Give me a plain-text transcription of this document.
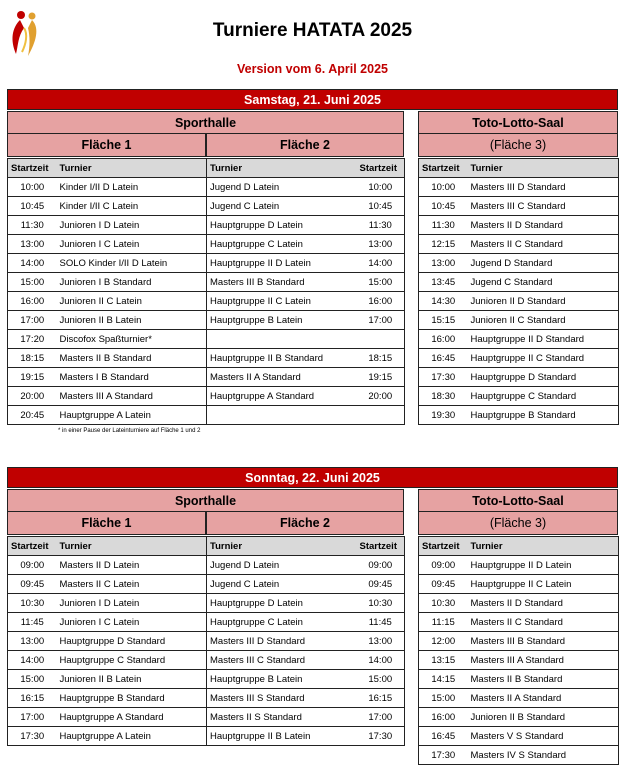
Turniere HATATA 2025
Version vom 6. April 2025
Samstag, 21. Juni 2025
Sporthalle	Toto-Lotto-Saal
Fläche 1	Fläche 2	(Fläche 3)
Startzeit	Turnier	Turnier	Startzeit
10:00	Kinder I/II D Latein	Jugend D Latein	10:00
10:45	Kinder I/II C Latein	Jugend C Latein	10:45
11:30	Junioren I D Latein	Hauptgruppe D Latein	11:30
13:00	Junioren I C Latein	Hauptgruppe C Latein	13:00
14:00	SOLO Kinder I/II D Latein	Hauptgruppe II D Latein	14:00
15:00	Junioren I B Standard	Masters III B Standard	15:00
16:00	Junioren II C Latein	Hauptgruppe II C Latein	16:00
17:00	Junioren II B Latein	Hauptgruppe B Latein	17:00
17:20	Discofox Spaßturnier*		
18:15	Masters II B Standard	Hauptgruppe II B Standard	18:15
19:15	Masters I B Standard	Masters II A Standard	19:15
20:00	Masters III A Standard	Hauptgruppe A Standard	20:00
20:45	Hauptgruppe A Latein		
Startzeit	Turnier
10:00	Masters III D Standard
10:45	Masters III C Standard
11:30	Masters II D Standard
12:15	Masters II C Standard
13:00	Jugend D Standard
13:45	Jugend C Standard
14:30	Junioren II D Standard
15:15	Junioren II C Standard
16:00	Hauptgruppe II D Standard
16:45	Hauptgruppe II C Standard
17:30	Hauptgruppe D Standard
18:30	Hauptgruppe C Standard
19:30	Hauptgruppe B Standard
* in einer Pause der Lateinturniere auf Fläche 1 und 2
Sonntag, 22. Juni 2025
Sporthalle	Toto-Lotto-Saal
Fläche 1	Fläche 2	(Fläche 3)
Startzeit	Turnier	Turnier	Startzeit
09:00	Masters II D Latein	Jugend D Latein	09:00
09:45	Masters II C Latein	Jugend C Latein	09:45
10:30	Junioren I D Latein	Hauptgruppe D Latein	10:30
11:45	Junioren I C Latein	Hauptgruppe C Latein	11:45
13:00	Hauptgruppe D Standard	Masters III D Standard	13:00
14:00	Hauptgruppe C Standard	Masters III C Standard	14:00
15:00	Junioren II B Latein	Hauptgruppe B Latein	15:00
16:15	Hauptgruppe B Standard	Masters III S Standard	16:15
17:00	Hauptgruppe A Standard	Masters II S Standard	17:00
17:30	Hauptgruppe A Latein	Hauptgruppe II B Latein	17:30
Startzeit	Turnier
09:00	Hauptgruppe II D Latein
09:45	Hauptgruppe II C Latein
10:30	Masters II D Standard
11:15	Masters II C Standard
12:00	Masters III B Standard
13:15	Masters III A Standard
14:15	Masters II B Standard
15:00	Masters II A Standard
16:00	Junioren II B Standard
16:45	Masters V S Standard
17:30	Masters IV S Standard
